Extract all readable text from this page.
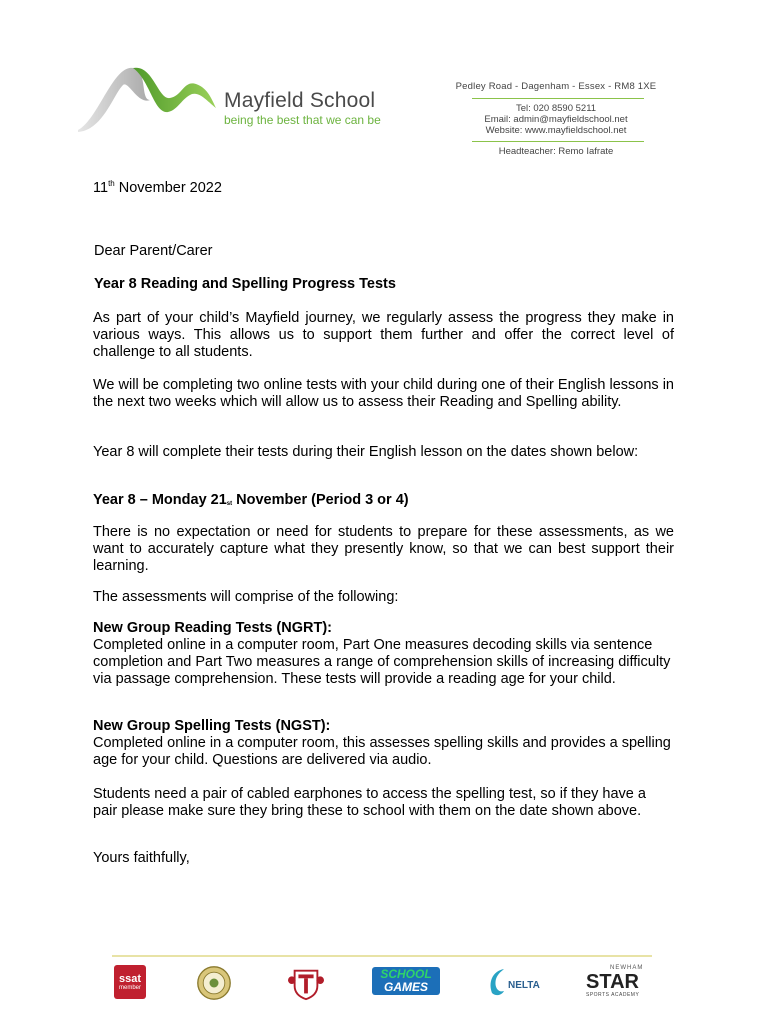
Mayfield School
being the best that we can be
Pedley Road - Dagenham - Essex - RM8 1XE
Tel: 020 8590 5211
Email: admin@mayfieldschool.net
Website: www.mayfieldschool.net
Headteacher: Remo Iafrate
11th November 2022
Dear Parent/Carer
Year 8 Reading and Spelling Progress Tests
As part of your child’s Mayfield journey, we regularly assess the progress they make in various ways. This allows us to support them further and offer the correct level of challenge to all students.
We will be completing two online tests with your child during one of their English lessons in the next two weeks which will allow us to assess their Reading and Spelling ability.
Year 8 will complete their tests during their English lesson on the dates shown below:
Year 8 – Monday 21st November (Period 3 or 4)
There is no expectation or need for students to prepare for these assessments, as we want to accurately capture what they presently know, so that we can best support their learning.
The assessments will comprise of the following:
New Group Reading Tests (NGRT):
Completed online in a computer room, Part One measures decoding skills via sentence completion and Part Two measures a range of comprehension skills of increasing difficulty via passage comprehension. These tests will provide a reading age for your child.
New Group Spelling Tests (NGST):
Completed online in a computer room, this assesses spelling skills and provides a spelling age for your child. Questions are delivered via audio.
Students need a pair of cabled earphones to access the spelling test, so if they have a pair please make sure they bring these to school with them on the date shown above.
Yours faithfully,
ssat
member
SCHOOL
GAMES	NELTA
NEWHAM
STAR
SPORTS ACADEMY
